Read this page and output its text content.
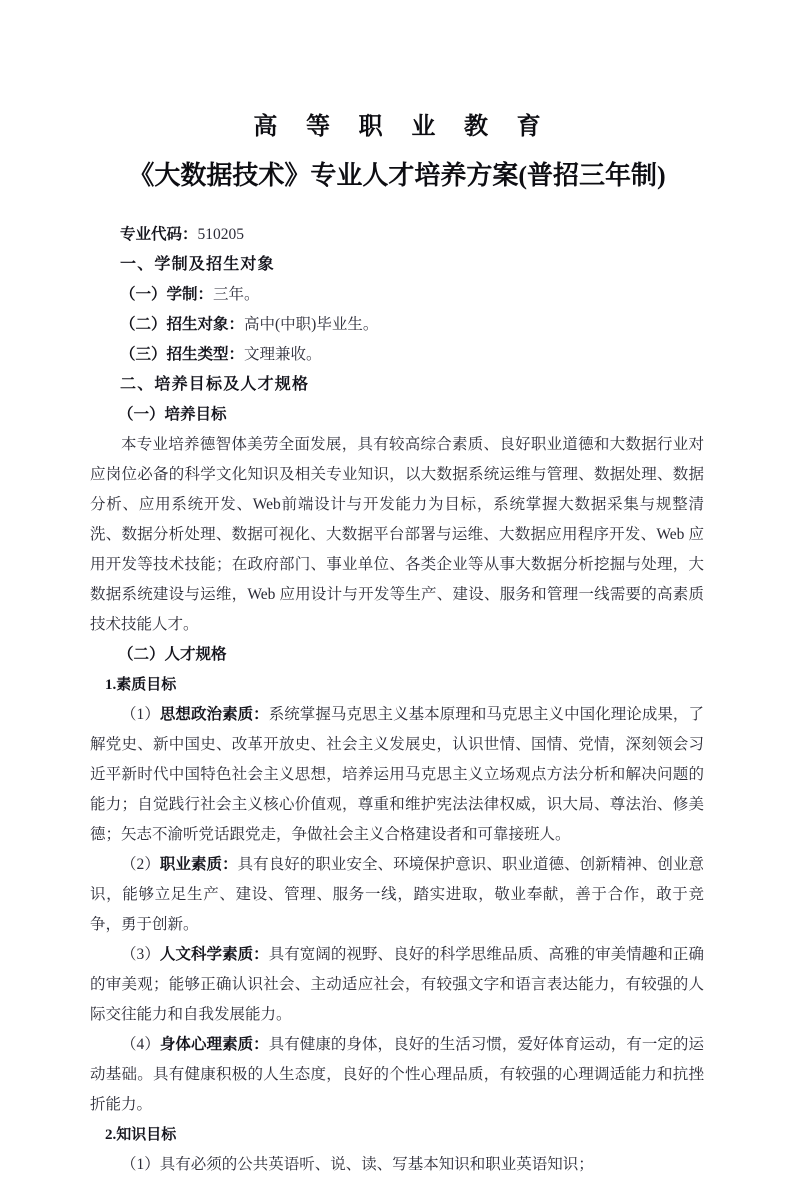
高 等 职 业 教 育
《大数据技术》专业人才培养方案(普招三年制)

专业代码：510205

一、学制及招生对象

（一）学制：三年。

（二）招生对象：高中(中职)毕业生。

（三）招生类型：文理兼收。

二、培养目标及人才规格
（一）培养目标

本专业培养德智体美劳全面发展，具有较高综合素质、良好职业道德和大数据行业对应岗位必备的科学文化知识及相关专业知识，以大数据系统运维与管理、数据处理、数据分析、应用系统开发、Web前端设计与开发能力为目标，系统掌握大数据采集与规整清洗、数据分析处理、数据可视化、大数据平台部署与运维、大数据应用程序开发、Web 应用开发等技术技能；在政府部门、事业单位、各类企业等从事大数据分析挖掘与处理，大数据系统建设与运维，Web 应用设计与开发等生产、建设、服务和管理一线需要的高素质技术技能人才。

（二）人才规格
1.素质目标

（1）思想政治素质：系统掌握马克思主义基本原理和马克思主义中国化理论成果，了解党史、新中国史、改革开放史、社会主义发展史，认识世情、国情、党情，深刻领会习近平新时代中国特色社会主义思想，培养运用马克思主义立场观点方法分析和解决问题的能力；自觉践行社会主义核心价值观，尊重和维护宪法法律权威，识大局、尊法治、修美德；矢志不渝听党话跟党走，争做社会主义合格建设者和可靠接班人。

（2）职业素质：具有良好的职业安全、环境保护意识、职业道德、创新精神、创业意识，能够立足生产、建设、管理、服务一线，踏实进取，敬业奉献，善于合作，敢于竞争，勇于创新。

（3）人文科学素质：具有宽阔的视野、良好的科学思维品质、高雅的审美情趣和正确的审美观；能够正确认识社会、主动适应社会，有较强文字和语言表达能力，有较强的人际交往能力和自我发展能力。

（4）身体心理素质：具有健康的身体，良好的生活习惯，爱好体育运动，有一定的运动基础。具有健康积极的人生态度，良好的个性心理品质，有较强的心理调适能力和抗挫折能力。

2.知识目标

（1）具有必须的公共英语听、说、读、写基本知识和职业英语知识；
